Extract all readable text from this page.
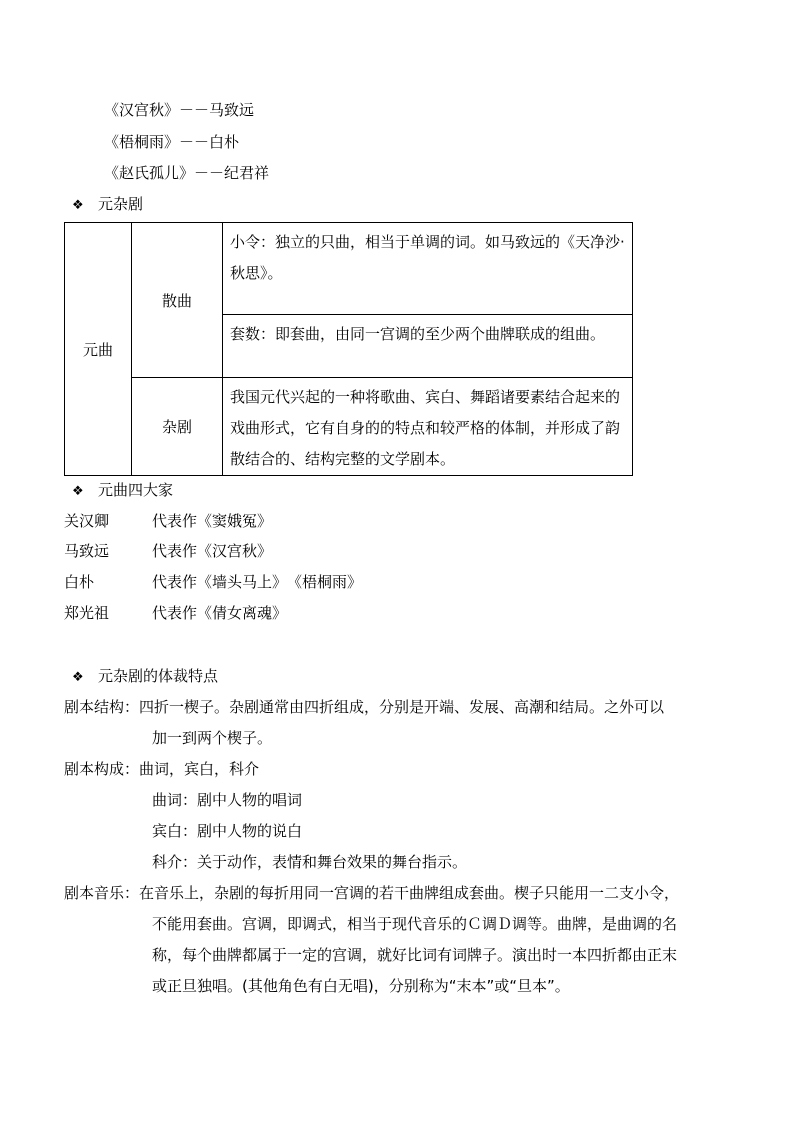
《汉宫秋》－－马致远
《梧桐雨》－－白朴
《赵氏孤儿》－－纪君祥
❖ 元杂剧
元曲	散曲	小令：独立的只曲，相当于单调的词。如马致远的《天净沙·秋思》。
		套数：即套曲，由同一宫调的至少两个曲牌联成的组曲。
	杂剧	我国元代兴起的一种将歌曲、宾白、舞蹈诸要素结合起来的戏曲形式，它有自身的的特点和较严格的体制，并形成了韵散结合的、结构完整的文学剧本。
❖ 元曲四大家
关汉卿	代表作《窦娥冤》
马致远	代表作《汉宫秋》
白朴	代表作《墙头马上》　《梧桐雨》
郑光祖	代表作《倩女离魂》
❖ 元杂剧的体裁特点
剧本结构：四折一楔子。杂剧通常由四折组成，分别是开端、发展、高潮和结局。之外可以
加一到两个楔子。
剧本构成：曲词，宾白，科介
曲词：剧中人物的唱词
宾白：剧中人物的说白
科介：关于动作，表情和舞台效果的舞台指示。
剧本音乐：在音乐上，杂剧的每折用同一宫调的若干曲牌组成套曲。楔子只能用一二支小令，
不能用套曲。宫调，即调式，相当于现代音乐的Ｃ调Ｄ调等。曲牌，是曲调的名
称，每个曲牌都属于一定的宫调，就好比词有词牌子。演出时一本四折都由正末
或正旦独唱。(其他角色有白无唱)，分别称为“末本”或“旦本”。
